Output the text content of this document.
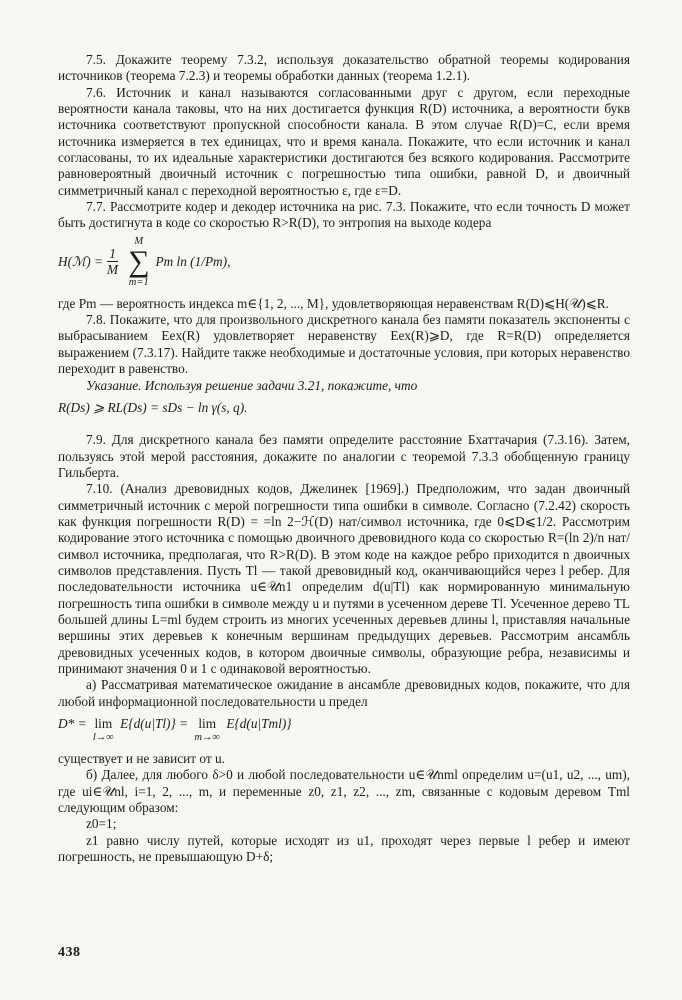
7.5. Докажите теорему 7.3.2, используя доказательство обратной теоремы кодирования источников (теорема 7.2.3) и теоремы обработки данных (теорема 1.2.1).

7.6. Источник и канал называются согласованными друг с другом, если переходные вероятности канала таковы, что на них достигается функция R(D) источника, а вероятности букв источника соответствуют пропускной способности канала. В этом случае R(D)=C, если время источника измеряется в тех единицах, что и время канала. Покажите, что если источник и канал согласованы, то их идеальные характеристики достигаются без всякого кодирования. Рассмотрите равновероятный двоичный источник с погрешностью типа ошибки, равной D, и двоичный симметричный канал с переходной вероятностью ε, где ε=D.

7.7. Рассмотрите кодер и декодер источника на рис. 7.3. Покажите, что если точность D может быть достигнута в коде со скоростью R>R(D), то энтропия на выходе кодера

H(ℳ) = $\frac{1}{M}$
M
∑
m=1
Pm ln (1/Pm),

где Pm — вероятность индекса m∈{1, 2, ..., M}, удовлетворяющая неравенствам R(D)⩽H(𝒰)⩽R.

7.8. Покажите, что для произвольного дискретного канала без памяти показатель экспоненты с выбрасыванием Eex(R) удовлетворяет неравенству Eex(R)⩾D, где R=R(D) определяется выражением (7.3.17). Найдите также необходимые и достаточные условия, при которых неравенство переходит в равенство.

Указание. Используя решение задачи 3.21, покажите, что

R(Ds) ⩾ RL(Ds) = sDs − ln γ(s, q).

7.9. Для дискретного канала без памяти определите расстояние Бхаттачария (7.3.16). Затем, пользуясь этой мерой расстояния, докажите по аналогии с теоремой 7.3.3 обобщенную границу Гильберта.

7.10. (Анализ древовидных кодов, Джелинек [1969].) Предположим, что задан двоичный симметричный источник с мерой погрешности типа ошибки в символе. Согласно (7.2.42) скорость как функция погрешности R(D) = =ln 2−ℋ(D) нат/символ источника, где 0⩽D⩽1/2. Рассмотрим кодирование этого источника с помощью двоичного древовидного кода со скоростью R=(ln 2)/n нат/символ источника, предполагая, что R>R(D). В этом коде на каждое ребро приходится n двоичных символов представления. Пусть Tl — такой древовидный код, оканчивающийся через l ребер. Для последовательности источника u∈𝒰n1 определим d(u|Tl) как нормированную минимальную погрешность типа ошибки в символе между u и путями в усеченном дереве Tl. Усеченное дерево TL большей длины L=ml будем строить из многих усеченных деревьев длины l, приставляя начальные вершины этих деревьев к конечным вершинам предыдущих деревьев. Рассмотрим ансамбль древовидных усеченных кодов, в котором двоичные символы, образующие ребра, независимы и принимают значения 0 и 1 с одинаковой вероятностью.

а) Рассматривая математическое ожидание в ансамбле древовидных кодов, покажите, что для любой информационной последовательности u предел

D* = lim
l→∞
E{d(u|Tl)} = lim
m→∞
E{d(u|Tml)}

существует и не зависит от u.

б) Далее, для любого δ>0 и любой последовательности u∈𝒰nml определим u=(u1, u2, ..., um), где ui∈𝒰nl, i=1, 2, ..., m, и переменные z0, z1, z2, ..., zm, связанные с кодовым деревом Tml следующим образом:

z0=1;

z1 равно числу путей, которые исходят из u1, проходят через первые l ребер и имеют погрешность, не превышающую D+δ;

438
